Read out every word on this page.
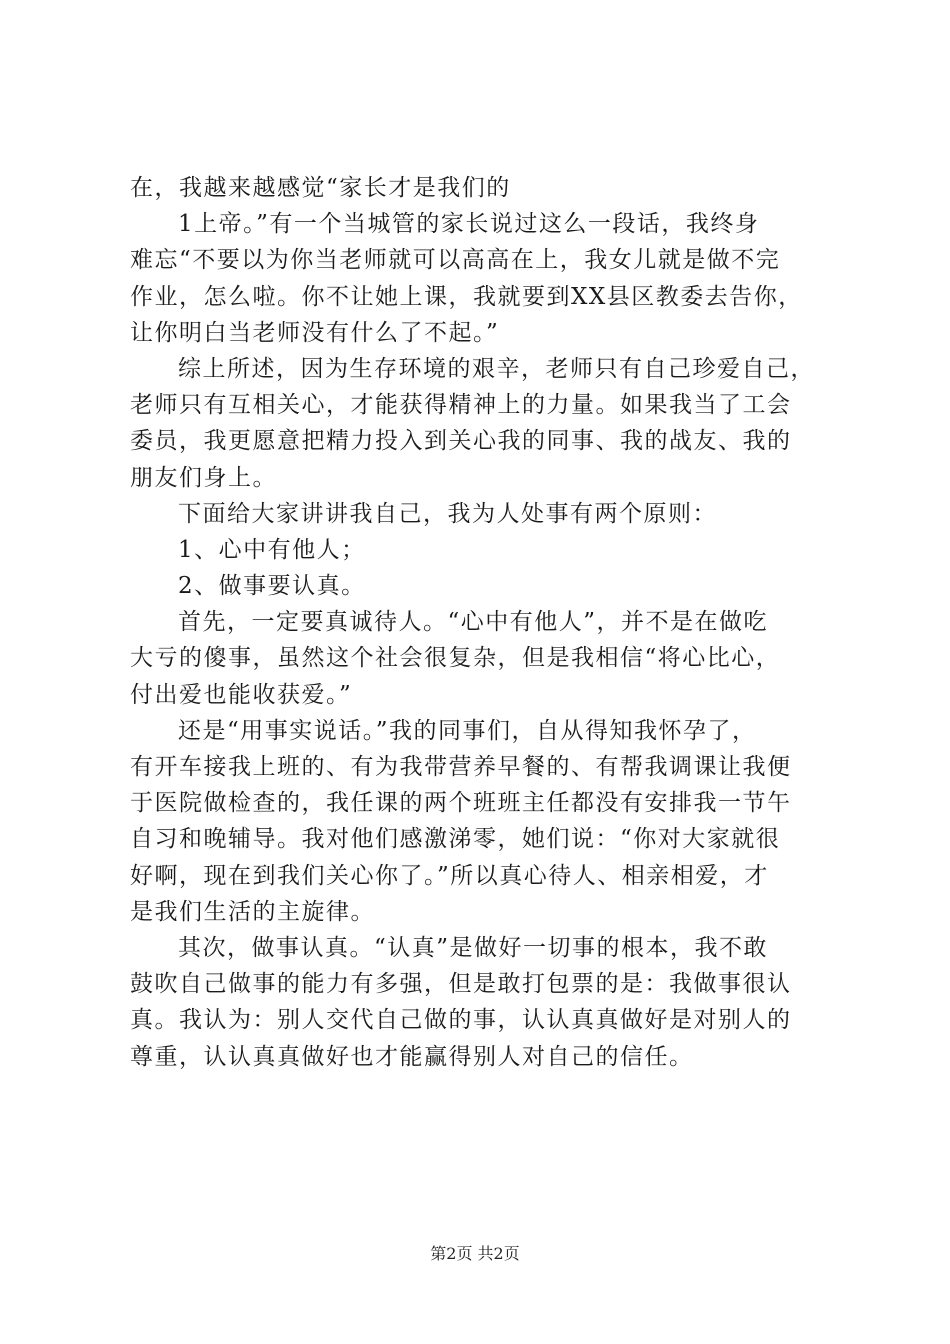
在，我越来越感觉“家长才是我们的
1上帝。”有一个当城管的家长说过这么一段话，我终身
难忘“不要以为你当老师就可以高高在上，我女儿就是做不完
作业，怎么啦。你不让她上课，我就要到XX县区教委去告你，
让你明白当老师没有什么了不起。”
综上所述，因为生存环境的艰辛，老师只有自己珍爱自己，
老师只有互相关心，才能获得精神上的力量。如果我当了工会
委员，我更愿意把精力投入到关心我的同事、我的战友、我的
朋友们身上。
下面给大家讲讲我自己，我为人处事有两个原则：
1、心中有他人；
2、做事要认真。
首先，一定要真诚待人。“心中有他人”，并不是在做吃
大亏的傻事，虽然这个社会很复杂，但是我相信“将心比心，
付出爱也能收获爱。”
还是“用事实说话。”我的同事们，自从得知我怀孕了，
有开车接我上班的、有为我带营养早餐的、有帮我调课让我便
于医院做检查的，我任课的两个班班主任都没有安排我一节午
自习和晚辅导。我对他们感激涕零，她们说：“你对大家就很
好啊，现在到我们关心你了。”所以真心待人、相亲相爱，才
是我们生活的主旋律。
其次，做事认真。“认真”是做好一切事的根本，我不敢
鼓吹自己做事的能力有多强，但是敢打包票的是：我做事很认
真。我认为：别人交代自己做的事，认认真真做好是对别人的
尊重，认认真真做好也才能赢得别人对自己的信任。
第2页 共2页
